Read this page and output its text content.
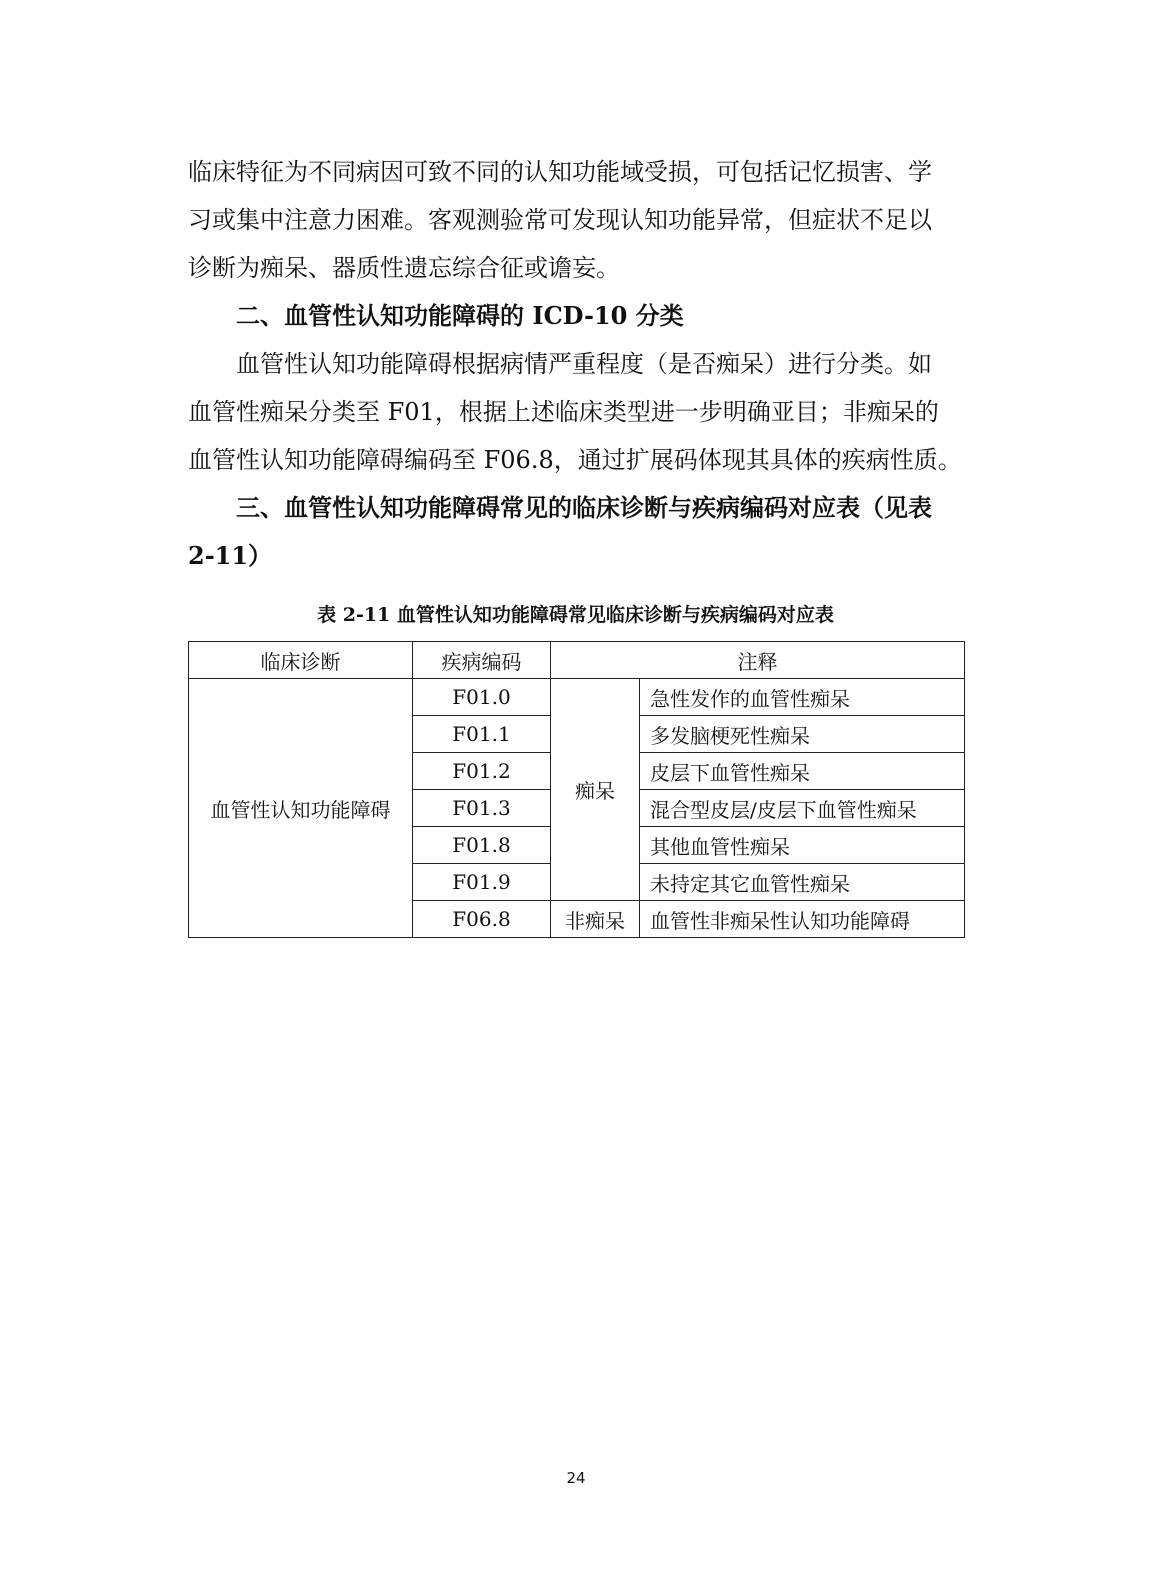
临床特征为不同病因可致不同的认知功能域受损，可包括记忆损害、学
习或集中注意力困难。客观测验常可发现认知功能异常，但症状不足以
诊断为痴呆、器质性遗忘综合征或谵妄。

二、血管性认知功能障碍的 ICD-10 分类

血管性认知功能障碍根据病情严重程度（是否痴呆）进行分类。如
血管性痴呆分类至 F01，根据上述临床类型进一步明确亚目；非痴呆的
血管性认知功能障碍编码至 F06.8，通过扩展码体现其具体的疾病性质。

三、血管性认知功能障碍常见的临床诊断与疾病编码对应表（见表
2-11）

表 2-11 血管性认知功能障碍常见临床诊断与疾病编码对应表

临床诊断	疾病编码	注释	
血管性认知功能障碍	F01.0	痴呆	急性发作的血管性痴呆
	F01.1		多发脑梗死性痴呆
	F01.2		皮层下血管性痴呆
	F01.3		混合型皮层/皮层下血管性痴呆
	F01.8		其他血管性痴呆
	F01.9		未持定其它血管性痴呆
	F06.8	非痴呆	血管性非痴呆性认知功能障碍
24
